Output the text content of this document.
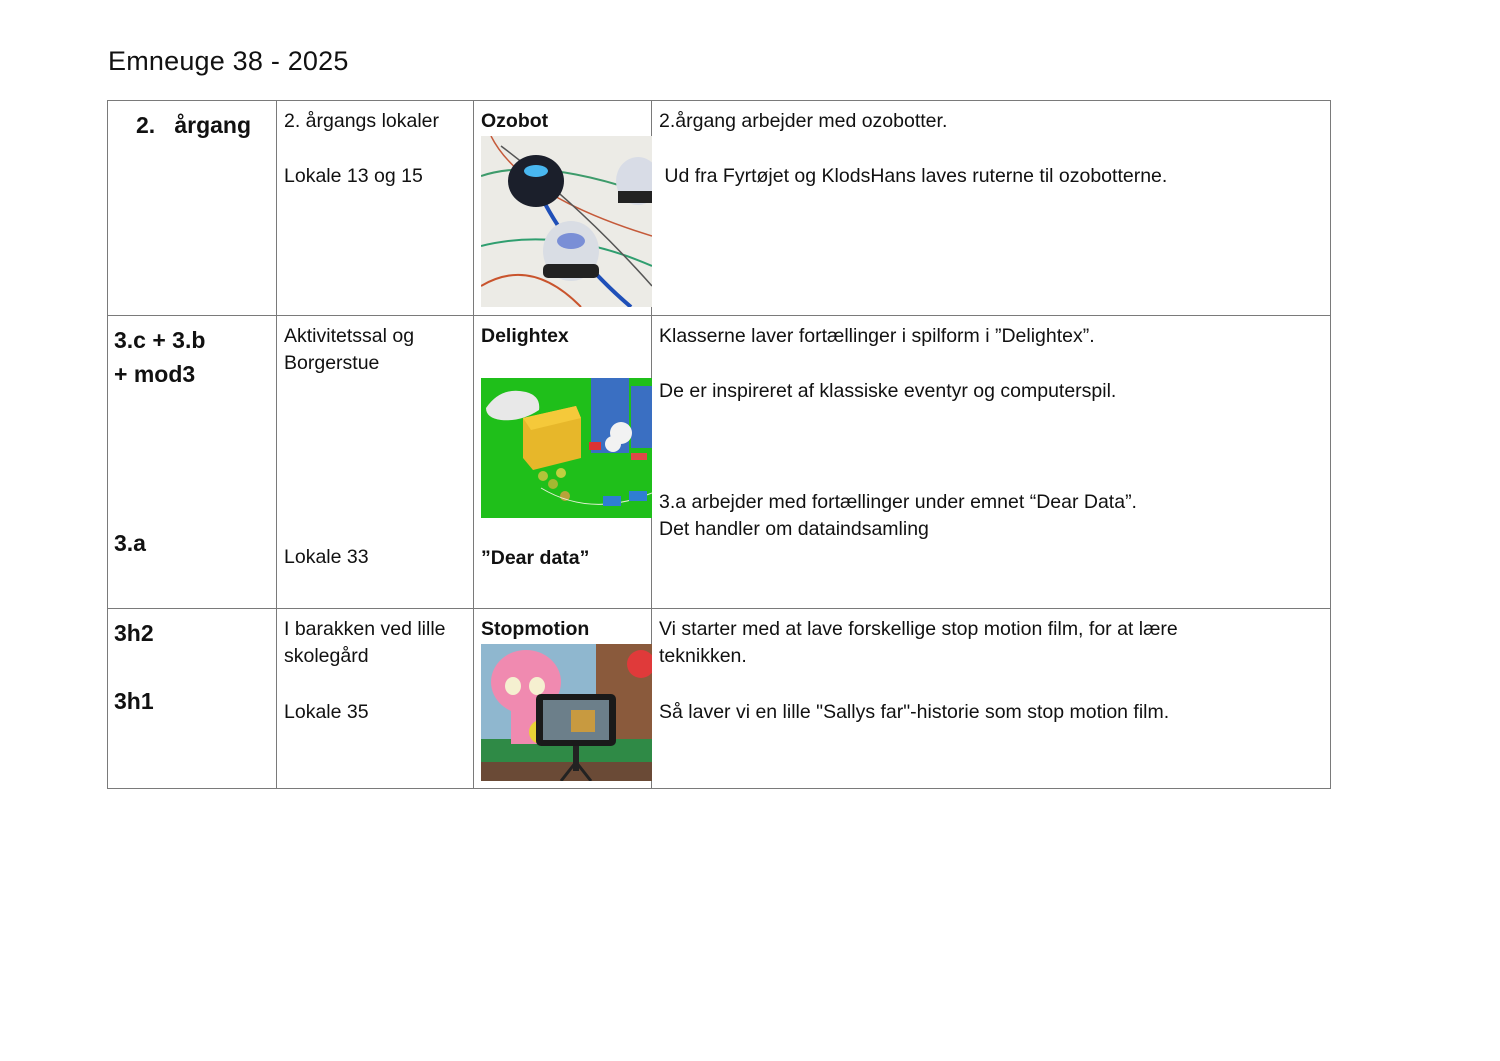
Emneuge 38 - 2025
2.   årgang 2. årgangs lokaler
Lokale 13 og 15
Ozobot	2.årgang arbejder med ozobotter.
Ud fra Fyrtøjet og KlodsHans laves ruterne til ozobotterne.
3.c + 3.b
+ mod3
3.a
Aktivitetssal og
Borgerstue
Lokale 33
Delightex
”Dear data”
Klasserne laver fortællinger i spilform i ”Delightex”.
De er inspireret af klassiske eventyr og computerspil.
3.a arbejder med fortællinger under emnet “Dear Data”.
Det handler om dataindsamling
3h2
3h1
I barakken ved lille
skolegård
Lokale 35
Stopmotion	Vi starter med at lave forskellige stop motion film, for at lære
teknikken.
Så laver vi en lille "Sallys far"-historie som stop motion film.
